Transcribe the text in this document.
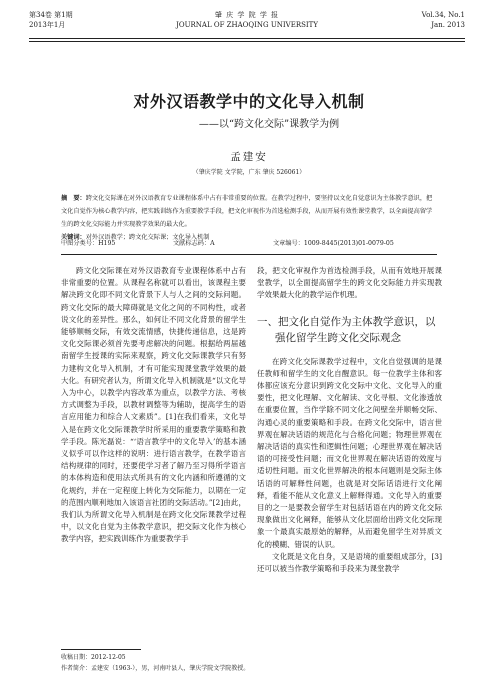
第34卷 第1期
2013年1月
肇 庆 学 院 学 报
JOURNAL OF ZHAOQING UNIVERSITY
Vol.34, No.1
Jan. 2013
对外汉语教学中的文化导入机制
——以“跨文化交际”课教学为例
孟建安
（肇庆学院 文学院，广东 肇庆 526061）
摘　要：跨文化交际课在对外汉语教育专业课程体系中占有非常重要的位置。在教学过程中，要坚持以文化自觉意识为主体教学意识，把文化自觉作为核心教学内容，把实践训练作为重要教学手段，把文化审视作为首选检测手段，从而开展有效性课堂教学，以全面提高留学生的跨文化交际能力并实现教学效果的最大化。
关键词：对外汉语教学；跨文化交际课；文化导入机制
中图分类号：H195	文献标志码：A	文章编号：1009-8445(2013)01-0079-05

跨文化交际课在对外汉语教育专业课程体系中占有非常重要的位置。从课程名称就可以看出，该课程主要解决跨文化即不同文化背景下人与人之间的交际问题。跨文化交际的最大障碍就是文化之间的不同构性，或者说文化的差异性。那么，如何让不同文化背景的留学生能够顺畅交际，有效交流情感，快捷传递信息，这是跨文化交际课必须首先要考虑解决的问题。根据给两届越南留学生授课的实际来观察，跨文化交际课教学只有努力建构文化导入机制，才有可能实现课堂教学效果的最大化。有研究者认为，所谓文化导入机制就是“以文化导入为中心，以教学内容改革为重点，以教学方法、考核方式调整为手段，以教材调整等为辅助，提高学生的语言应用能力和综合人文素质”。[1]在我们看来，文化导入是在跨文化交际课教学时所采用的重要教学策略和教学手段。陈光磊说：“‘语言教学中的文化导入’的基本涵义似乎可以作这样的说明：进行语言教学，在教学语言结构规律的同时，还要使学习者了解乃至习得所学语言的本体构造和使用法式所具有的文化内涵和所遵循的文化规约，并在一定程度上转化为交际能力，以期在一定的范围内顺利地加入该语言社团的交际活动。”[2]由此，我们认为所谓文化导入机制是在跨文化交际课教学过程中，以文化自觉为主体教学意识，把交际文化作为核心教学内容，把实践训练作为重要教学手

段，把文化审视作为首选检测手段，从而有效地开展课堂教学，以全面提高留学生的跨文化交际能力并实现教学效果最大化的教学运作机理。

一、把文化自觉作为主体教学意识，以
强化留学生跨文化交际观念

在跨文化交际课教学过程中，文化自觉强调的是课任教师和留学生的文化自醒意识。每一位教学主体和客体都应该充分意识到跨文化交际中文化、文化导入的重要性，把文化理解、文化解读、文化寻根、文化渗透放在重要位置，当作学除不同文化之间壁垒并顺畅交际、沟通心灵的重要策略和手段。在跨文化交际中，语言世界观在解决话语的规范化与合格化问题；物理世界观在解决话语的真实性和逻辑性问题；心理世界观在解决话语的可接受性问题；而文化世界观在解决话语的效度与适切性问题。而文化世界解决的根本问题则是交际主体话语的可解释性问题，也就是对交际话语进行文化阐释，看能不能从文化意义上解释得通。文化导入的重要目的之一是要教会留学生对包括话语在内的跨文化交际现象做出文化阐释，能够从文化层面给出跨文化交际现象一个最真实最原始的解释，从而避免留学生对异质文化的模糊、错误的认识。

文化既是文化自身，又是语境的重要组成部分，[3]还可以被当作教学策略和手段来为课堂教学

收稿日期：2012-12-05
作者简介：孟建安（1963-），男，河南叶县人，肇庆学院文学院教授。
